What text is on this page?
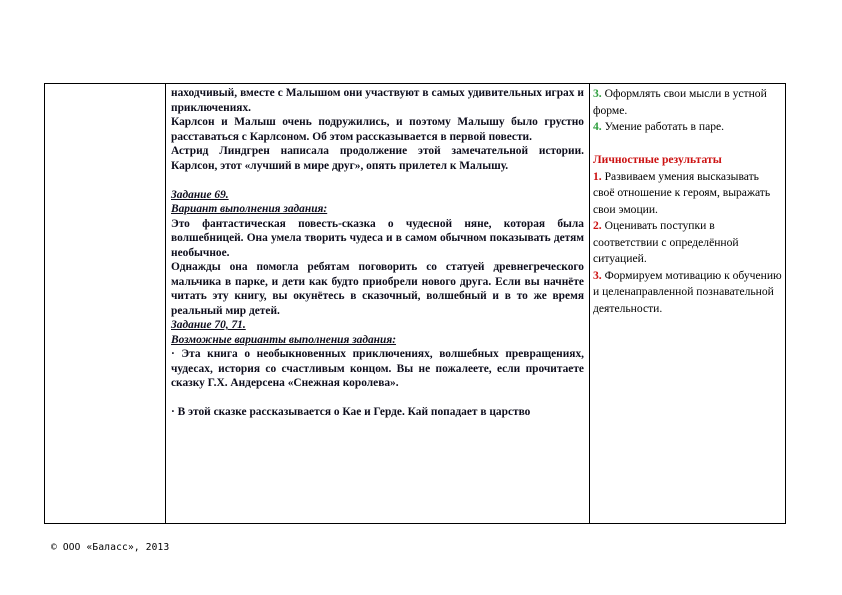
находчивый, вместе с Малышом они участвуют в самых удивительных играх и приключениях.

Карлсон и Малыш очень подружились, и поэтому Малышу было грустно расставаться с Карлсоном. Об этом рассказывается в первой повести.

Астрид Линдгрен написала продолжение этой замечательной истории. Карлсон, этот «лучший в мире друг», опять прилетел к Малышу.

Задание 69.

Вариант выполнения задания:

Это фантастическая повесть-сказка о чудесной няне, которая была волшебницей. Она умела творить чудеса и в самом обычном показывать детям необычное.

Однажды она помогла ребятам поговорить со статуей древнегреческого мальчика в парке, и дети как будто приобрели нового друга. Если вы начнёте читать эту книгу, вы окунётесь в сказочный, волшебный и в то же время реальный мир детей.

Задание 70, 71.

Возможные варианты выполнения задания:

· Эта книга о необыкновенных приключениях, волшебных превращениях, чудесах, история со счастливым концом. Вы не пожалеете, если прочитаете сказку Г.Х. Андерсена «Снежная королева».

· В этой сказке рассказывается о Кае и Герде. Кай попадает в царство

3. Оформлять свои мысли в устной форме.

4. Умение работать в паре.

Личностные результаты

1. Развиваем умения высказывать своё отношение к героям, выражать свои эмоции.

2. Оценивать поступки в соответствии с определённой ситуацией.

3. Формируем мотивацию к обучению и целенаправленной познавательной деятельности.

© ООО «Баласс», 2013
